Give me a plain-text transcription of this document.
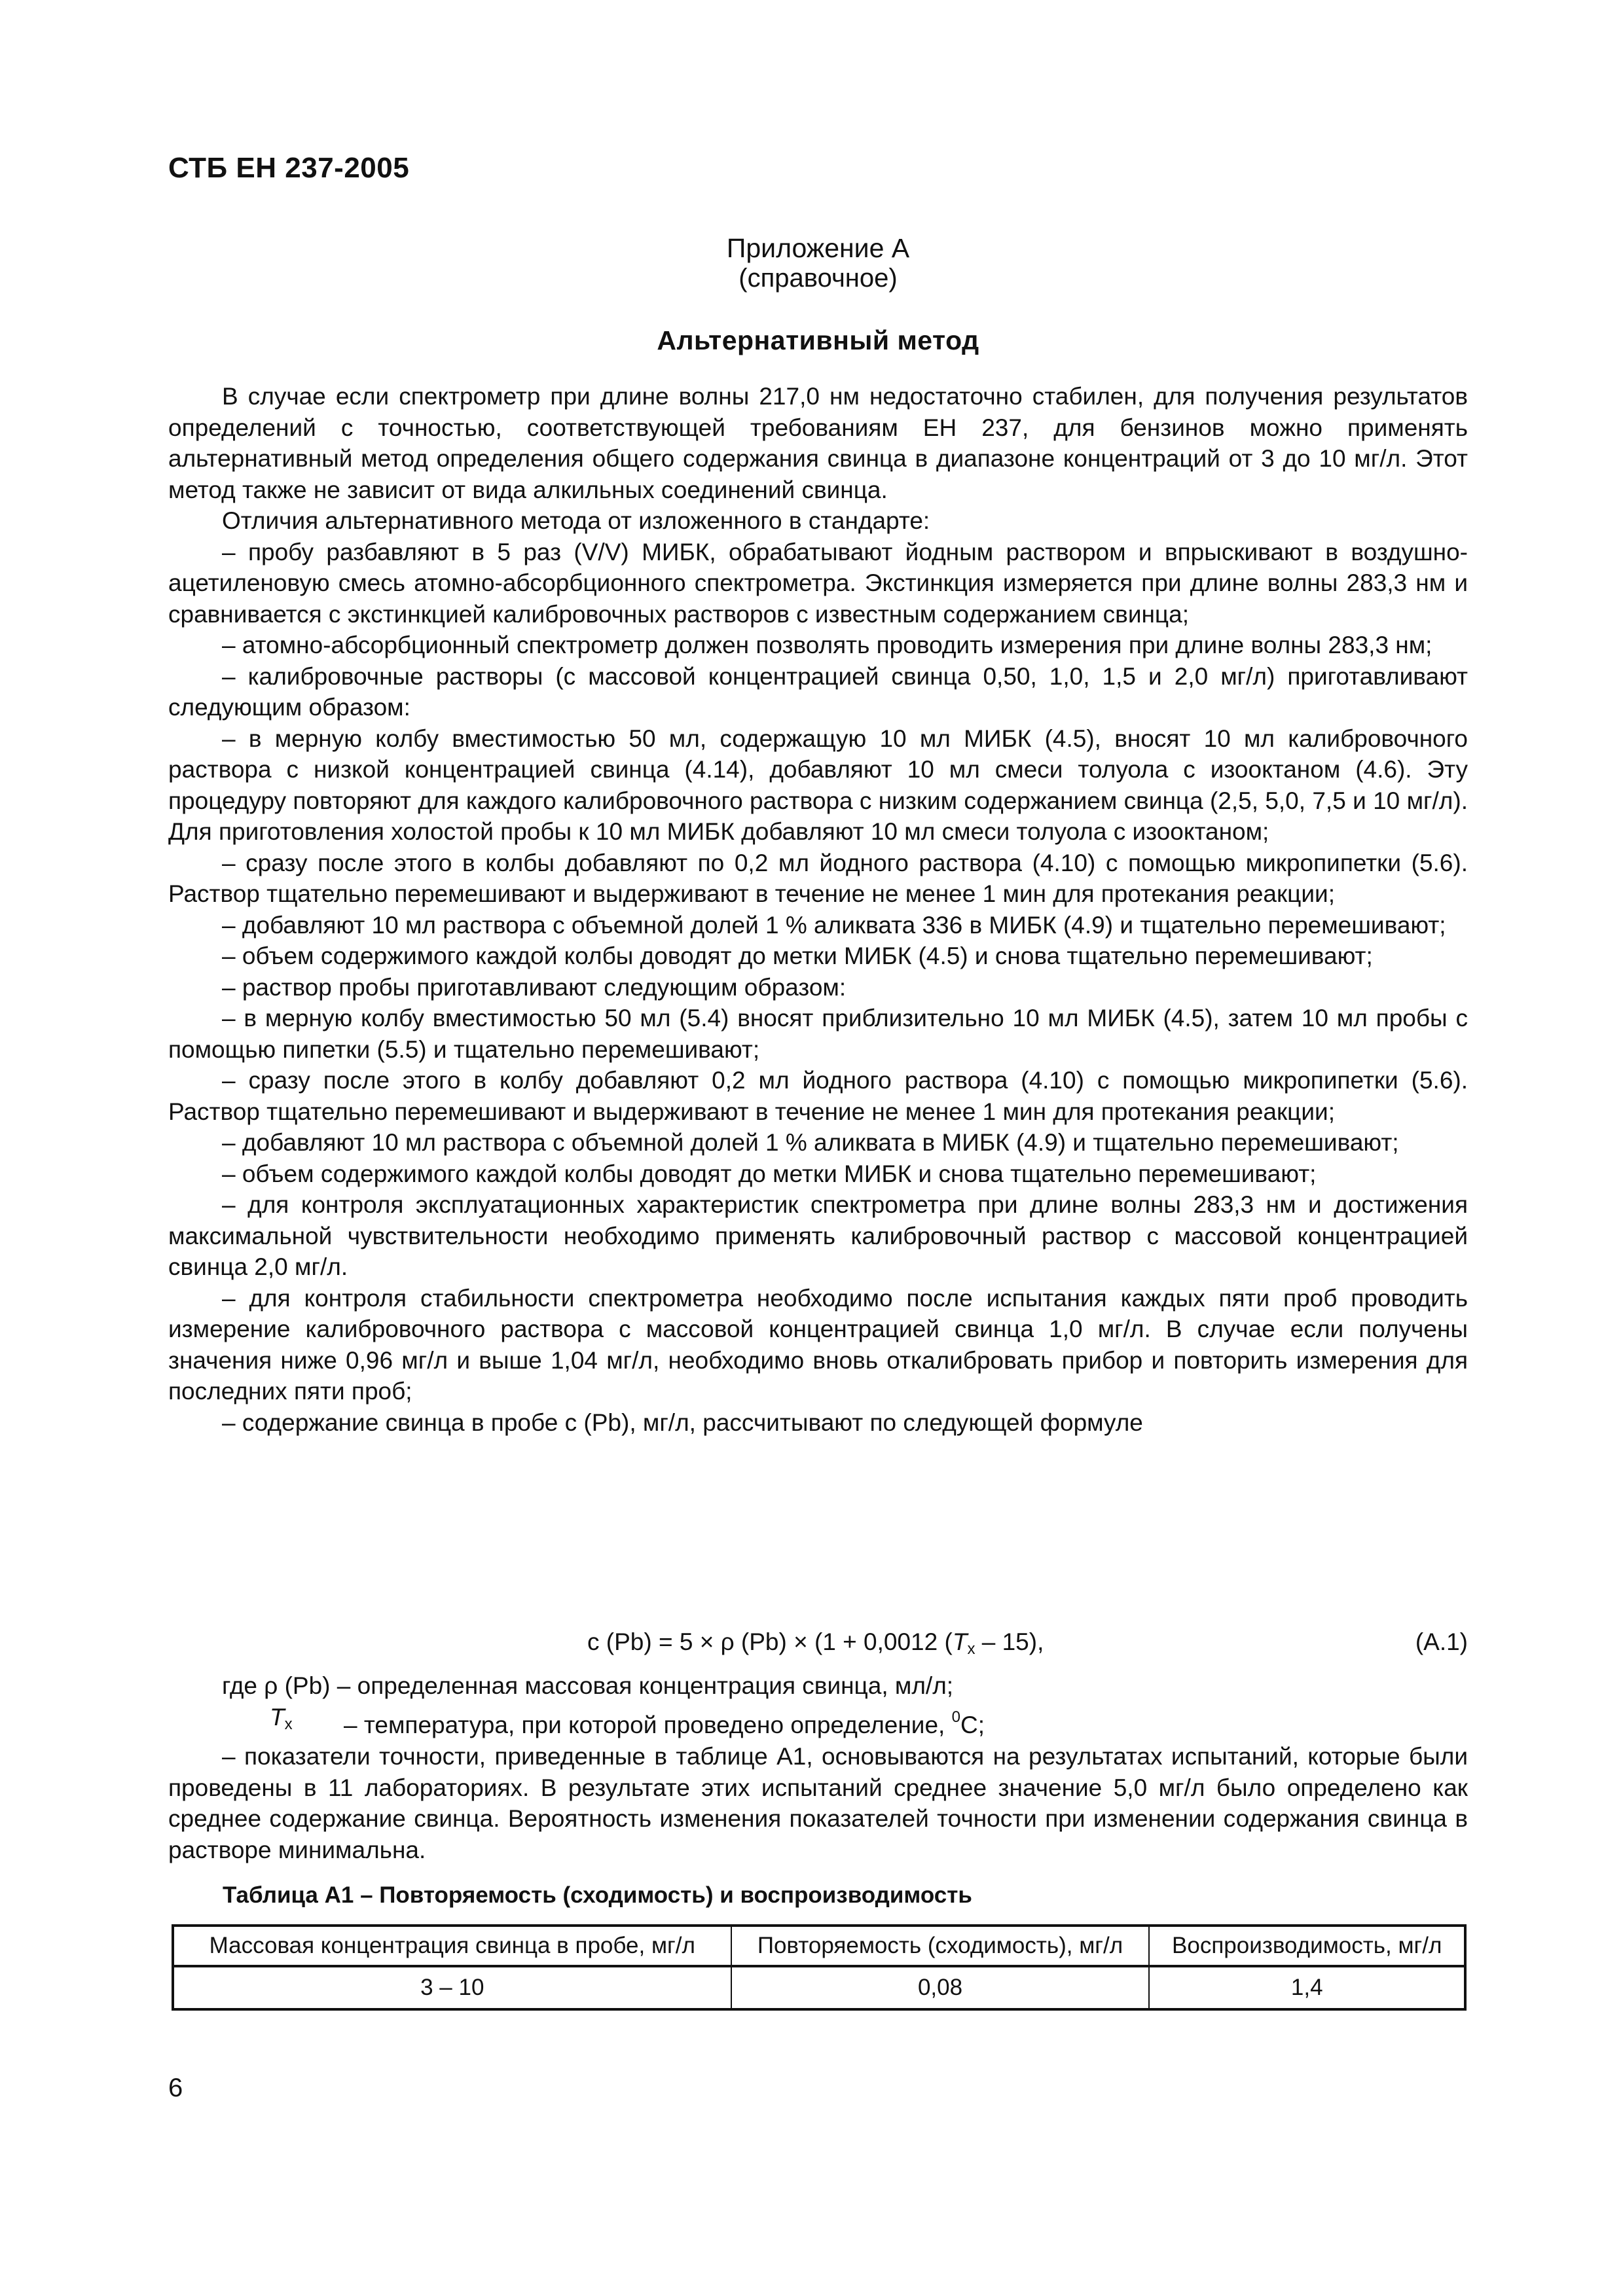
СТБ ЕН 237-2005
Приложение А
(справочное)
Альтернативный метод

В случае если спектрометр при длине волны 217,0 нм недостаточно стабилен, для получения результатов определений с точностью, соответствующей требованиям ЕН 237, для бензинов можно применять альтернативный метод определения общего содержания свинца в диапазоне концентраций от 3 до 10 мг/л. Этот метод также не зависит от вида алкильных соединений свинца.

Отличия альтернативного метода от изложенного в стандарте:

– пробу разбавляют в 5 раз (V/V) МИБК, обрабатывают йодным раствором и впрыскивают в воздушно-ацетиленовую смесь атомно-абсорбционного спектрометра. Экстинкция измеряется при длине волны 283,3 нм и сравнивается с экстинкцией калибровочных растворов с известным содержанием свинца;

– атомно-абсорбционный спектрометр должен позволять проводить измерения при длине волны 283,3 нм;

– калибровочные растворы (с массовой концентрацией свинца 0,50, 1,0, 1,5 и 2,0 мг/л) приготавливают следующим образом:

– в мерную колбу вместимостью 50 мл, содержащую 10 мл МИБК (4.5), вносят 10 мл калибровочного раствора с низкой концентрацией свинца (4.14), добавляют 10 мл смеси толуола с изооктаном (4.6). Эту процедуру повторяют для каждого калибровочного раствора с низким содержанием свинца (2,5, 5,0, 7,5 и 10 мг/л). Для приготовления холостой пробы к 10 мл МИБК добавляют 10 мл смеси толуола с изооктаном;

– сразу после этого в колбы добавляют по 0,2 мл йодного раствора (4.10) с помощью микропипетки (5.6). Раствор тщательно перемешивают и выдерживают в течение не менее 1 мин для протекания реакции;

– добавляют 10 мл раствора с объемной долей 1 % аликвата 336 в МИБК (4.9) и тщательно перемешивают;

– объем содержимого каждой колбы доводят до метки МИБК (4.5) и снова тщательно перемешивают;

– раствор пробы приготавливают следующим образом:

– в мерную колбу вместимостью 50 мл (5.4) вносят приблизительно 10 мл МИБК (4.5), затем 10 мл пробы с помощью пипетки (5.5) и тщательно перемешивают;

– сразу после этого в колбу добавляют 0,2 мл йодного раствора (4.10) с помощью микропипетки (5.6). Раствор тщательно перемешивают и выдерживают в течение не менее 1 мин для протекания реакции;

– добавляют 10 мл раствора с объемной долей 1 % аликвата в МИБК (4.9) и тщательно перемешивают;

– объем содержимого каждой колбы доводят до метки МИБК и снова тщательно перемешивают;

– для контроля эксплуатационных характеристик спектрометра при длине волны 283,3 нм и достижения максимальной чувствительности необходимо применять калибровочный раствор с массовой концентрацией свинца 2,0 мг/л.

– для контроля стабильности спектрометра необходимо после испытания каждых пяти проб проводить измерение калибровочного раствора с массовой концентрацией свинца 1,0 мг/л. В случае если получены значения ниже 0,96 мг/л и выше 1,04 мг/л, необходимо вновь откалибровать прибор и повторить измерения для последних пяти проб;

– содержание свинца в пробе с (Pb), мг/л, рассчитывают по следующей формуле

c (Pb) = 5 × ρ (Pb) × (1 + 0,0012 $(T_x - 15)$,	(A.1)
где ρ (Pb) – определенная массовая концентрация свинца, мл/л;
$T_x$ – температура, при которой проведено определение, $^0$С;

– показатели точности, приведенные в таблице А1, основываются на результатах испытаний, которые были проведены в 11 лабораториях. В результате этих испытаний среднее значение 5,0 мг/л было определено как среднее содержание свинца. Вероятность изменения показателей точности при изменении содержания свинца в растворе минимальна.

Таблица А1 – Повторяемость (сходимость) и воспроизводимость
Массовая концентрация свинца в пробе, мг/л	Повторяемость (сходимость), мг/л	Воспроизводимость, мг/л
3 – 10	0,08	1,4
6
